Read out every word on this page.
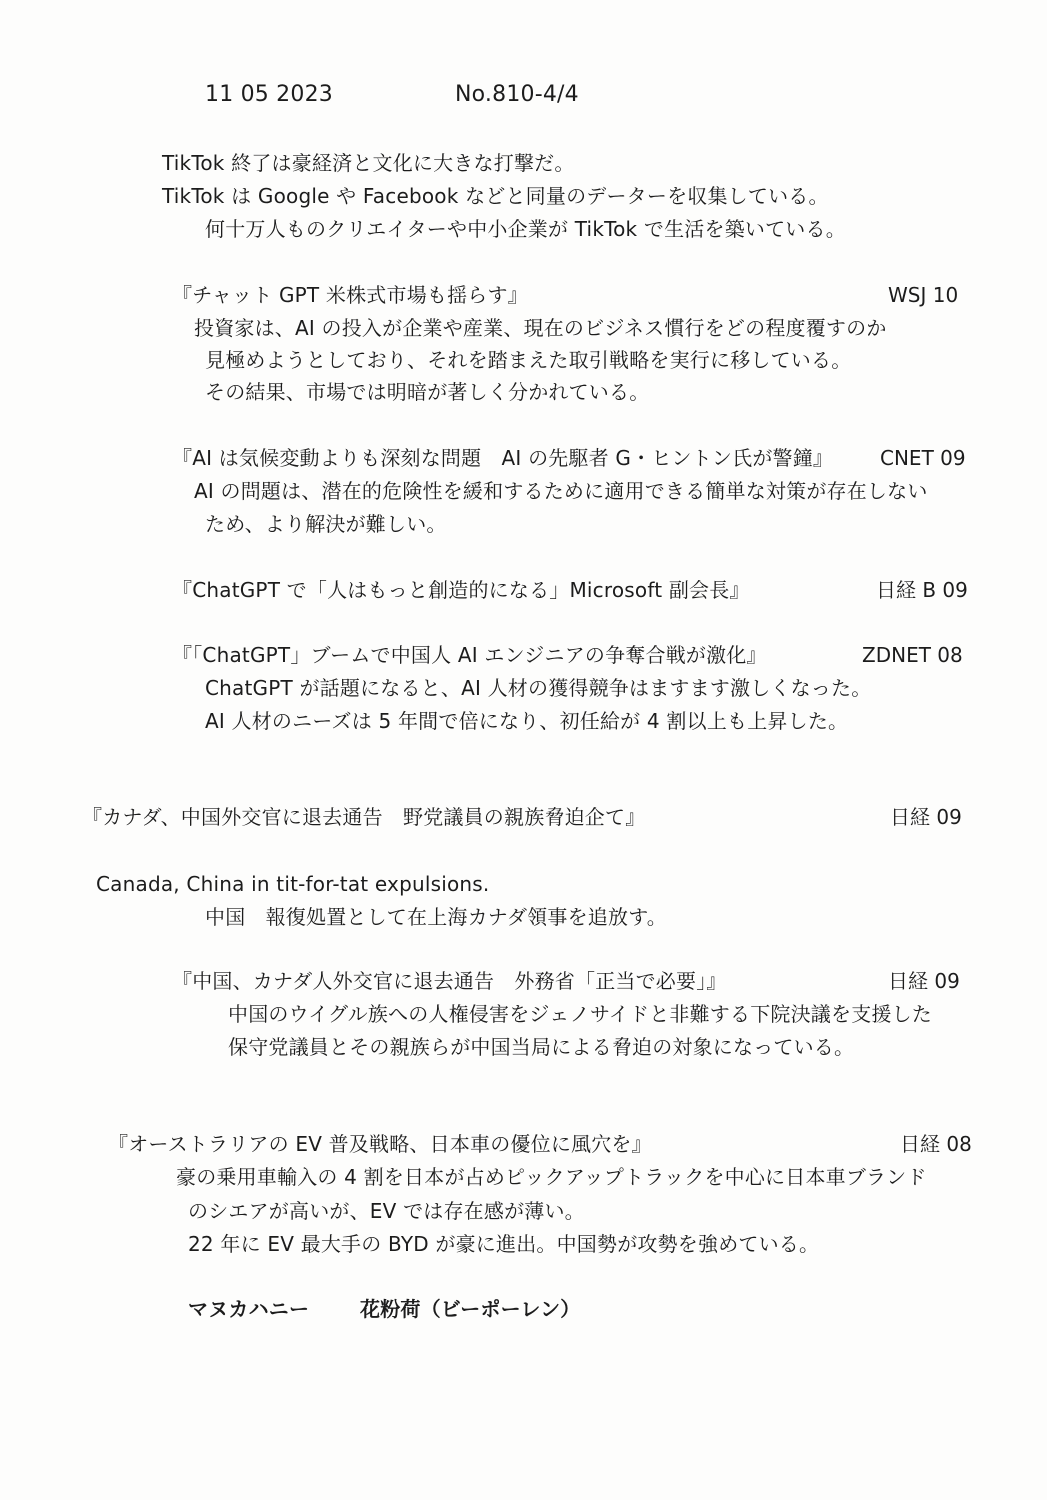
11 05 2023	No.810-4/4
TikTok 終了は豪経済と文化に大きな打撃だ。
TikTok は Google や Facebook などと同量のデーターを収集している。
何十万人ものクリエイターや中小企業が TikTok で生活を築いている。
『チャット GPT 米株式市場も揺らす』	WSJ 10
投資家は、AI の投入が企業や産業、現在のビジネス慣行をどの程度覆すのか
見極めようとしており、それを踏まえた取引戦略を実行に移している。
その結果、市場では明暗が著しく分かれている。
『AI は気候変動よりも深刻な問題　AI の先駆者 G・ヒントン氏が警鐘』 CNET 09
AI の問題は、潜在的危険性を緩和するために適用できる簡単な対策が存在しない
ため、より解決が難しい。
『ChatGPT で「人はもっと創造的になる」Microsoft 副会長』	日経 B 09
『「ChatGPT」ブームで中国人 AI エンジニアの争奪合戦が激化』	ZDNET 08
ChatGPT が話題になると、AI 人材の獲得競争はますます激しくなった。
AI 人材のニーズは 5 年間で倍になり、初任給が 4 割以上も上昇した。
『カナダ、中国外交官に退去通告　野党議員の親族脅迫企て』	日経 09
Canada, China in tit-for-tat expulsions.
中国　報復処置として在上海カナダ領事を追放す。
『中国、カナダ人外交官に退去通告　外務省「正当で必要」』	日経 09
中国のウイグル族への人権侵害をジェノサイドと非難する下院決議を支援した
保守党議員とその親族らが中国当局による脅迫の対象になっている。
『オーストラリアの EV 普及戦略、日本車の優位に風穴を』	日経 08
豪の乗用車輸入の 4 割を日本が占めピックアップトラックを中心に日本車ブランド
のシエアが高いが、EV では存在感が薄い。
22 年に EV 最大手の BYD が豪に進出。中国勢が攻勢を強めている。
マヌカハニー	花粉荷（ビーポーレン）
